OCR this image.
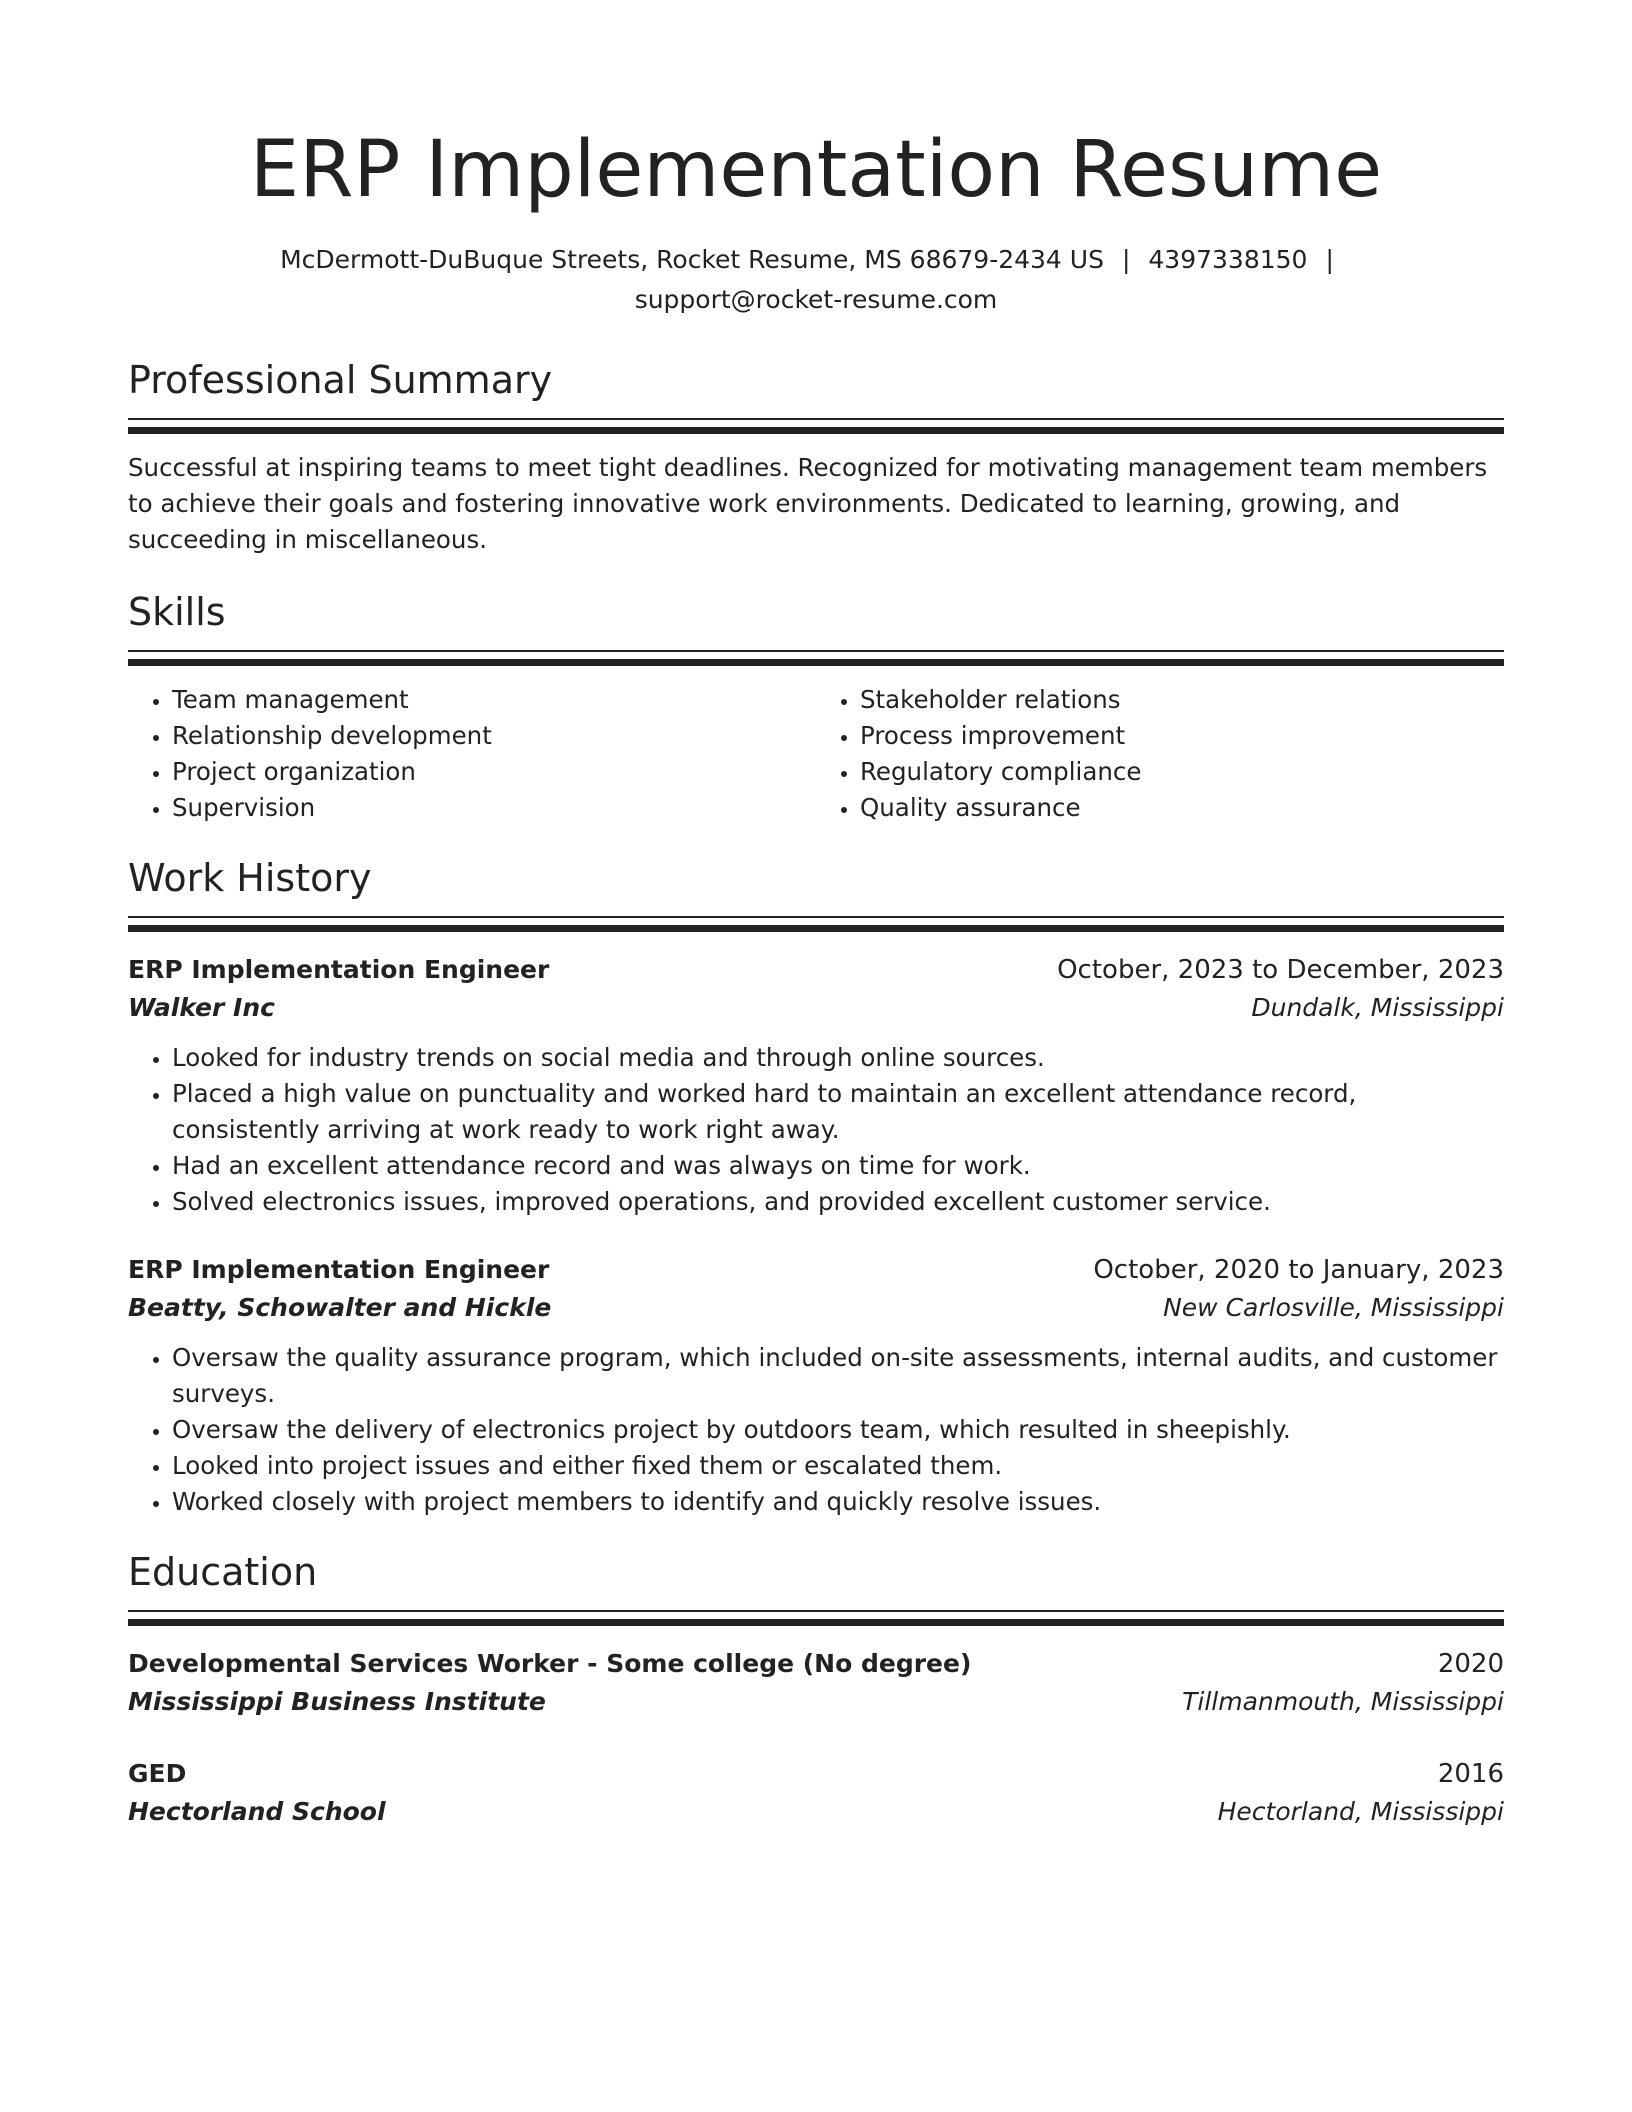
ERP Implementation Resume
McDermott-DuBuque Streets, Rocket Resume, MS 68679-2434 US | 4397338150 |
support@rocket-resume.com
Professional Summary

Successful at inspiring teams to meet tight deadlines. Recognized for motivating management team members to achieve their goals and fostering innovative work environments. Dedicated to learning, growing, and succeeding in miscellaneous.

Skills
• Team management
• Relationship development
• Project organization
• Supervision
• Stakeholder relations
• Process improvement
• Regulatory compliance
• Quality assurance
Work History
ERP Implementation Engineer	October, 2023 to December, 2023
Walker Inc	Dundalk, Mississippi
• Looked for industry trends on social media and through online sources.
• Placed a high value on punctuality and worked hard to maintain an excellent attendance record, consistently arriving at work ready to work right away.
• Had an excellent attendance record and was always on time for work.
• Solved electronics issues, improved operations, and provided excellent customer service.
ERP Implementation Engineer	October, 2020 to January, 2023
Beatty, Schowalter and Hickle	New Carlosville, Mississippi
• Oversaw the quality assurance program, which included on-site assessments, internal audits, and customer surveys.
• Oversaw the delivery of electronics project by outdoors team, which resulted in sheepishly.
• Looked into project issues and either fixed them or escalated them.
• Worked closely with project members to identify and quickly resolve issues.
Education
Developmental Services Worker - Some college (No degree)	2020
Mississippi Business Institute	Tillmanmouth, Mississippi
GED	2016
Hectorland School	Hectorland, Mississippi
